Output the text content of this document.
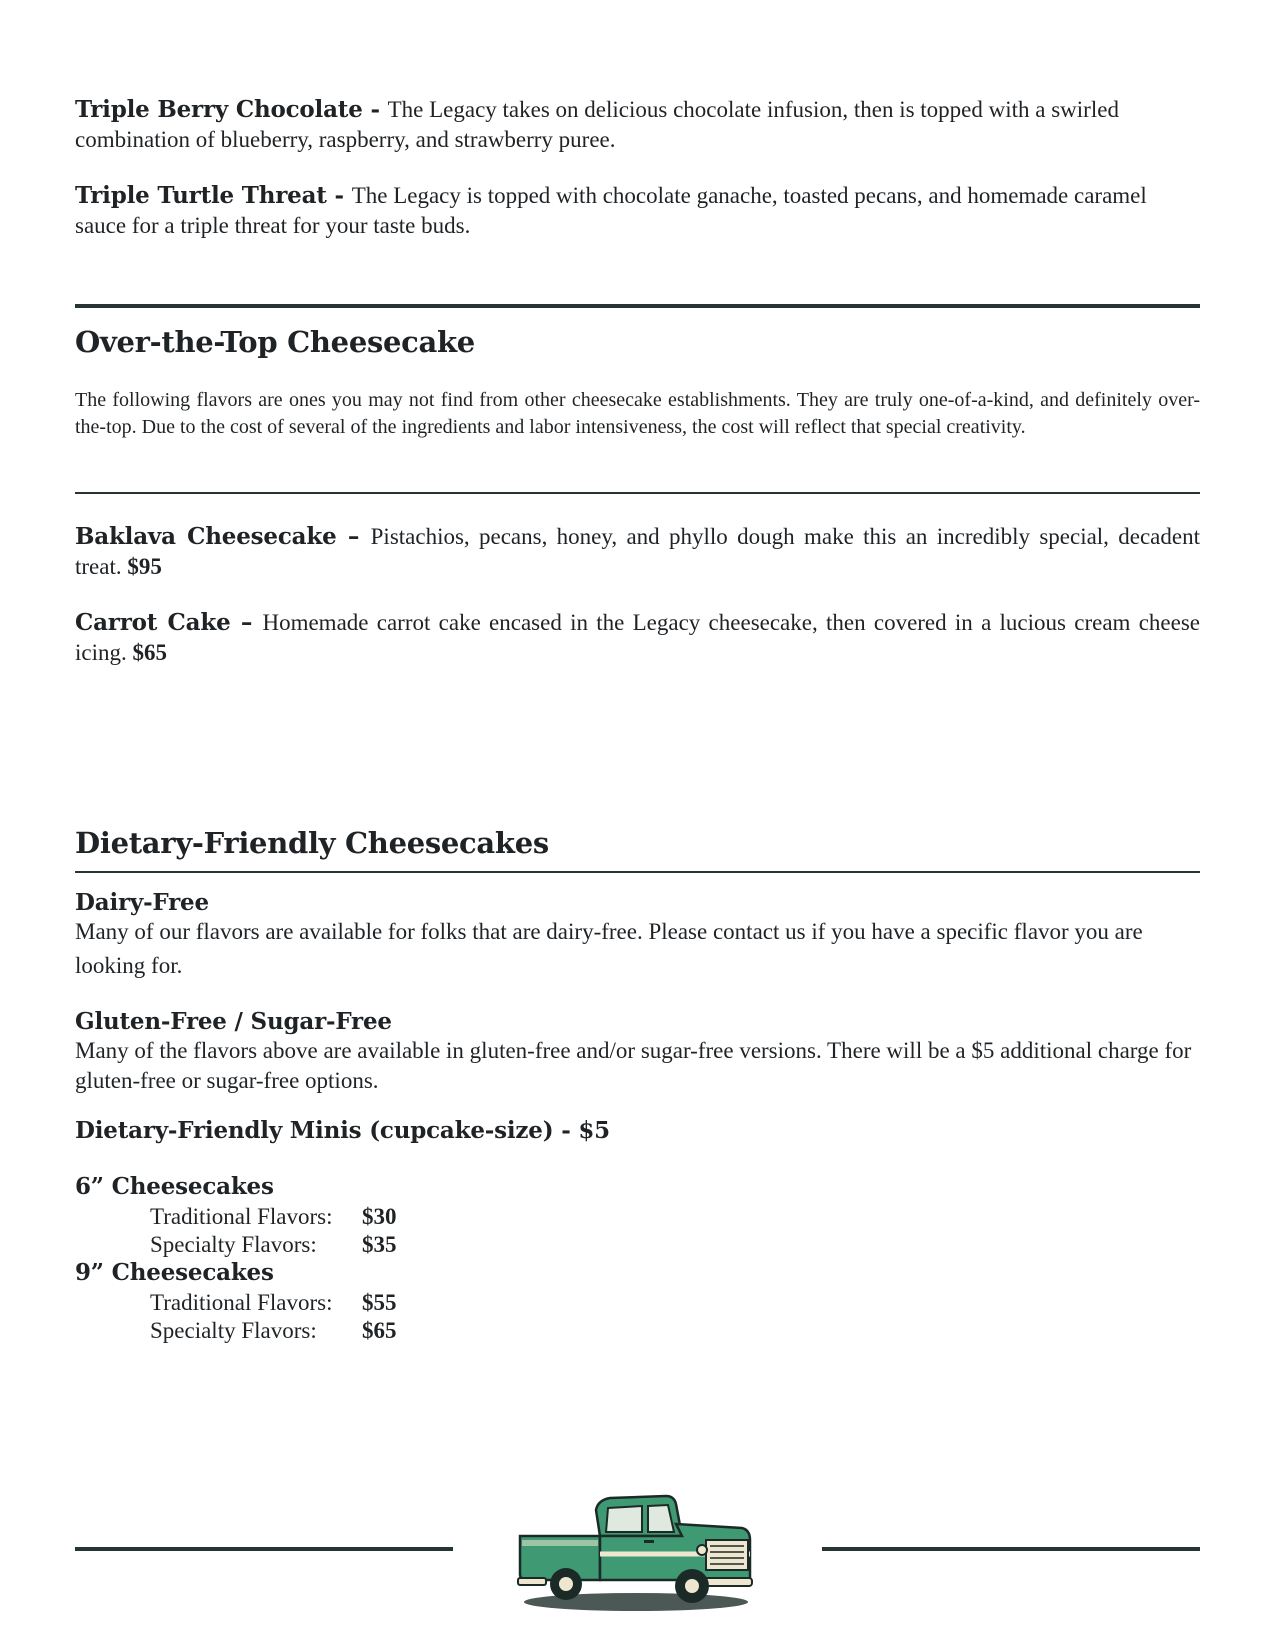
Triple Berry Chocolate - The Legacy takes on delicious chocolate infusion, then is topped with a swirled combination of blueberry, raspberry, and strawberry puree.
Triple Turtle Threat - The Legacy is topped with chocolate ganache, toasted pecans, and homemade caramel sauce for a triple threat for your taste buds.
Over-the-Top Cheesecake
The following flavors are ones you may not find from other cheesecake establishments. They are truly one-of-a-kind, and definitely over-the-top. Due to the cost of several of the ingredients and labor intensiveness, the cost will reflect that special creativity.
Baklava Cheesecake – Pistachios, pecans, honey, and phyllo dough make this an incredibly special, decadent treat. $95
Carrot Cake – Homemade carrot cake encased in the Legacy cheesecake, then covered in a lucious cream cheese icing. $65
Dietary-Friendly Cheesecakes
Dairy-Free
Many of our flavors are available for folks that are dairy-free. Please contact us if you have a specific flavor you are looking for.
Gluten-Free / Sugar-Free
Many of the flavors above are available in gluten-free and/or sugar-free versions. There will be a $5 additional charge for gluten-free or sugar-free options.
Dietary-Friendly Minis (cupcake-size) - $5
6” Cheesecakes
Traditional Flavors: $30
Specialty Flavors: $35
9” Cheesecakes
Traditional Flavors: $55
Specialty Flavors: $65
